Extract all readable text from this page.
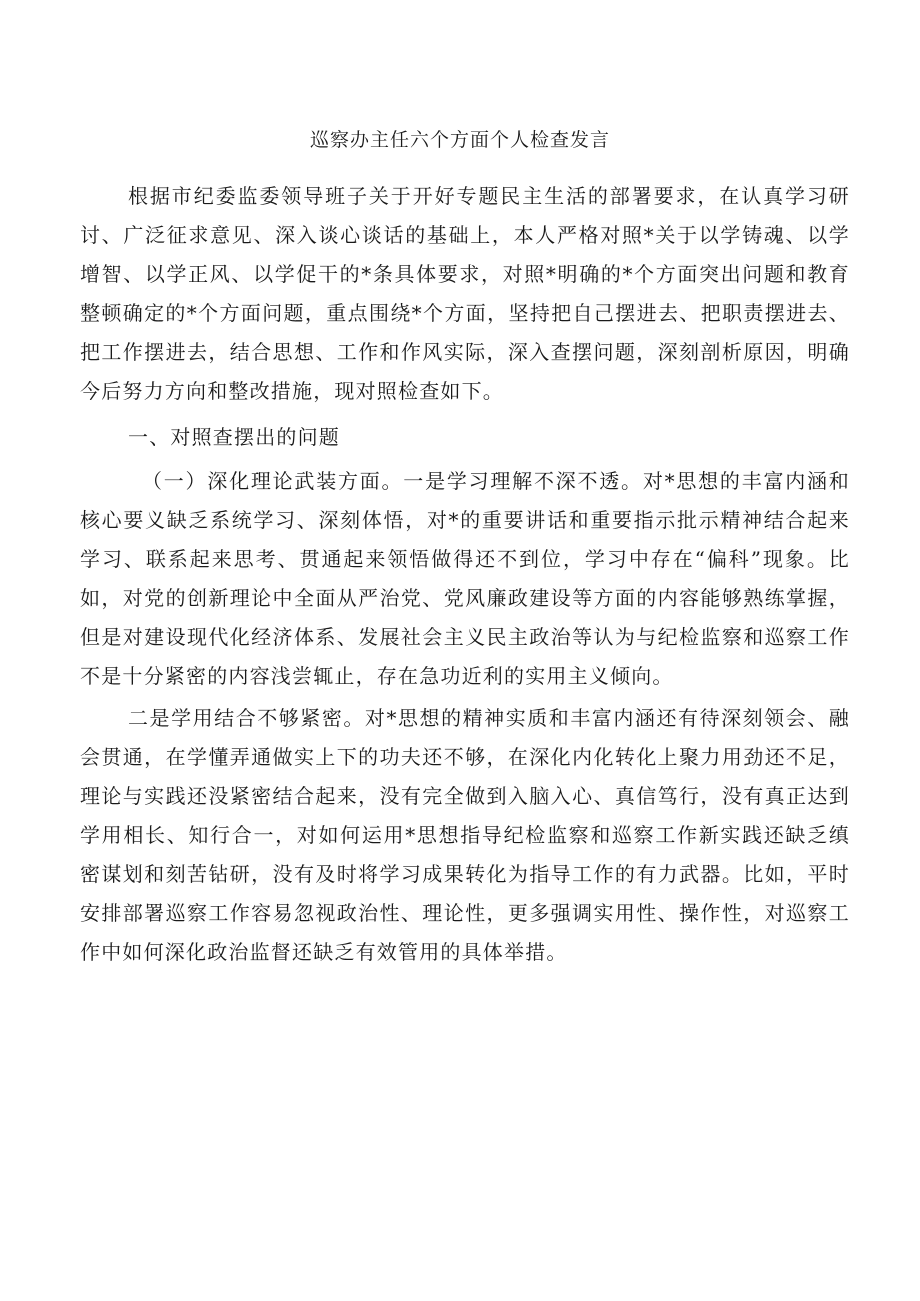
巡察办主任六个方面个人检查发言

根据市纪委监委领导班子关于开好专题民主生活的部署要求，在认真学习研讨、广泛征求意见、深入谈心谈话的基础上，本人严格对照*关于以学铸魂、以学增智、以学正风、以学促干的*条具体要求，对照*明确的*个方面突出问题和教育整顿确定的*个方面问题，重点围绕*个方面，坚持把自己摆进去、把职责摆进去、把工作摆进去，结合思想、工作和作风实际，深入查摆问题，深刻剖析原因，明确今后努力方向和整改措施，现对照检查如下。

一、对照查摆出的问题

（一）深化理论武装方面。一是学习理解不深不透。对*思想的丰富内涵和核心要义缺乏系统学习、深刻体悟，对*的重要讲话和重要指示批示精神结合起来学习、联系起来思考、贯通起来领悟做得还不到位，学习中存在“偏科”现象。比如，对党的创新理论中全面从严治党、党风廉政建设等方面的内容能够熟练掌握，但是对建设现代化经济体系、发展社会主义民主政治等认为与纪检监察和巡察工作不是十分紧密的内容浅尝辄止，存在急功近利的实用主义倾向。

二是学用结合不够紧密。对*思想的精神实质和丰富内涵还有待深刻领会、融会贯通，在学懂弄通做实上下的功夫还不够，在深化内化转化上聚力用劲还不足，理论与实践还没紧密结合起来，没有完全做到入脑入心、真信笃行，没有真正达到学用相长、知行合一，对如何运用*思想指导纪检监察和巡察工作新实践还缺乏缜密谋划和刻苦钻研，没有及时将学习成果转化为指导工作的有力武器。比如，平时安排部署巡察工作容易忽视政治性、理论性，更多强调实用性、操作性，对巡察工作中如何深化政治监督还缺乏有效管用的具体举措。
